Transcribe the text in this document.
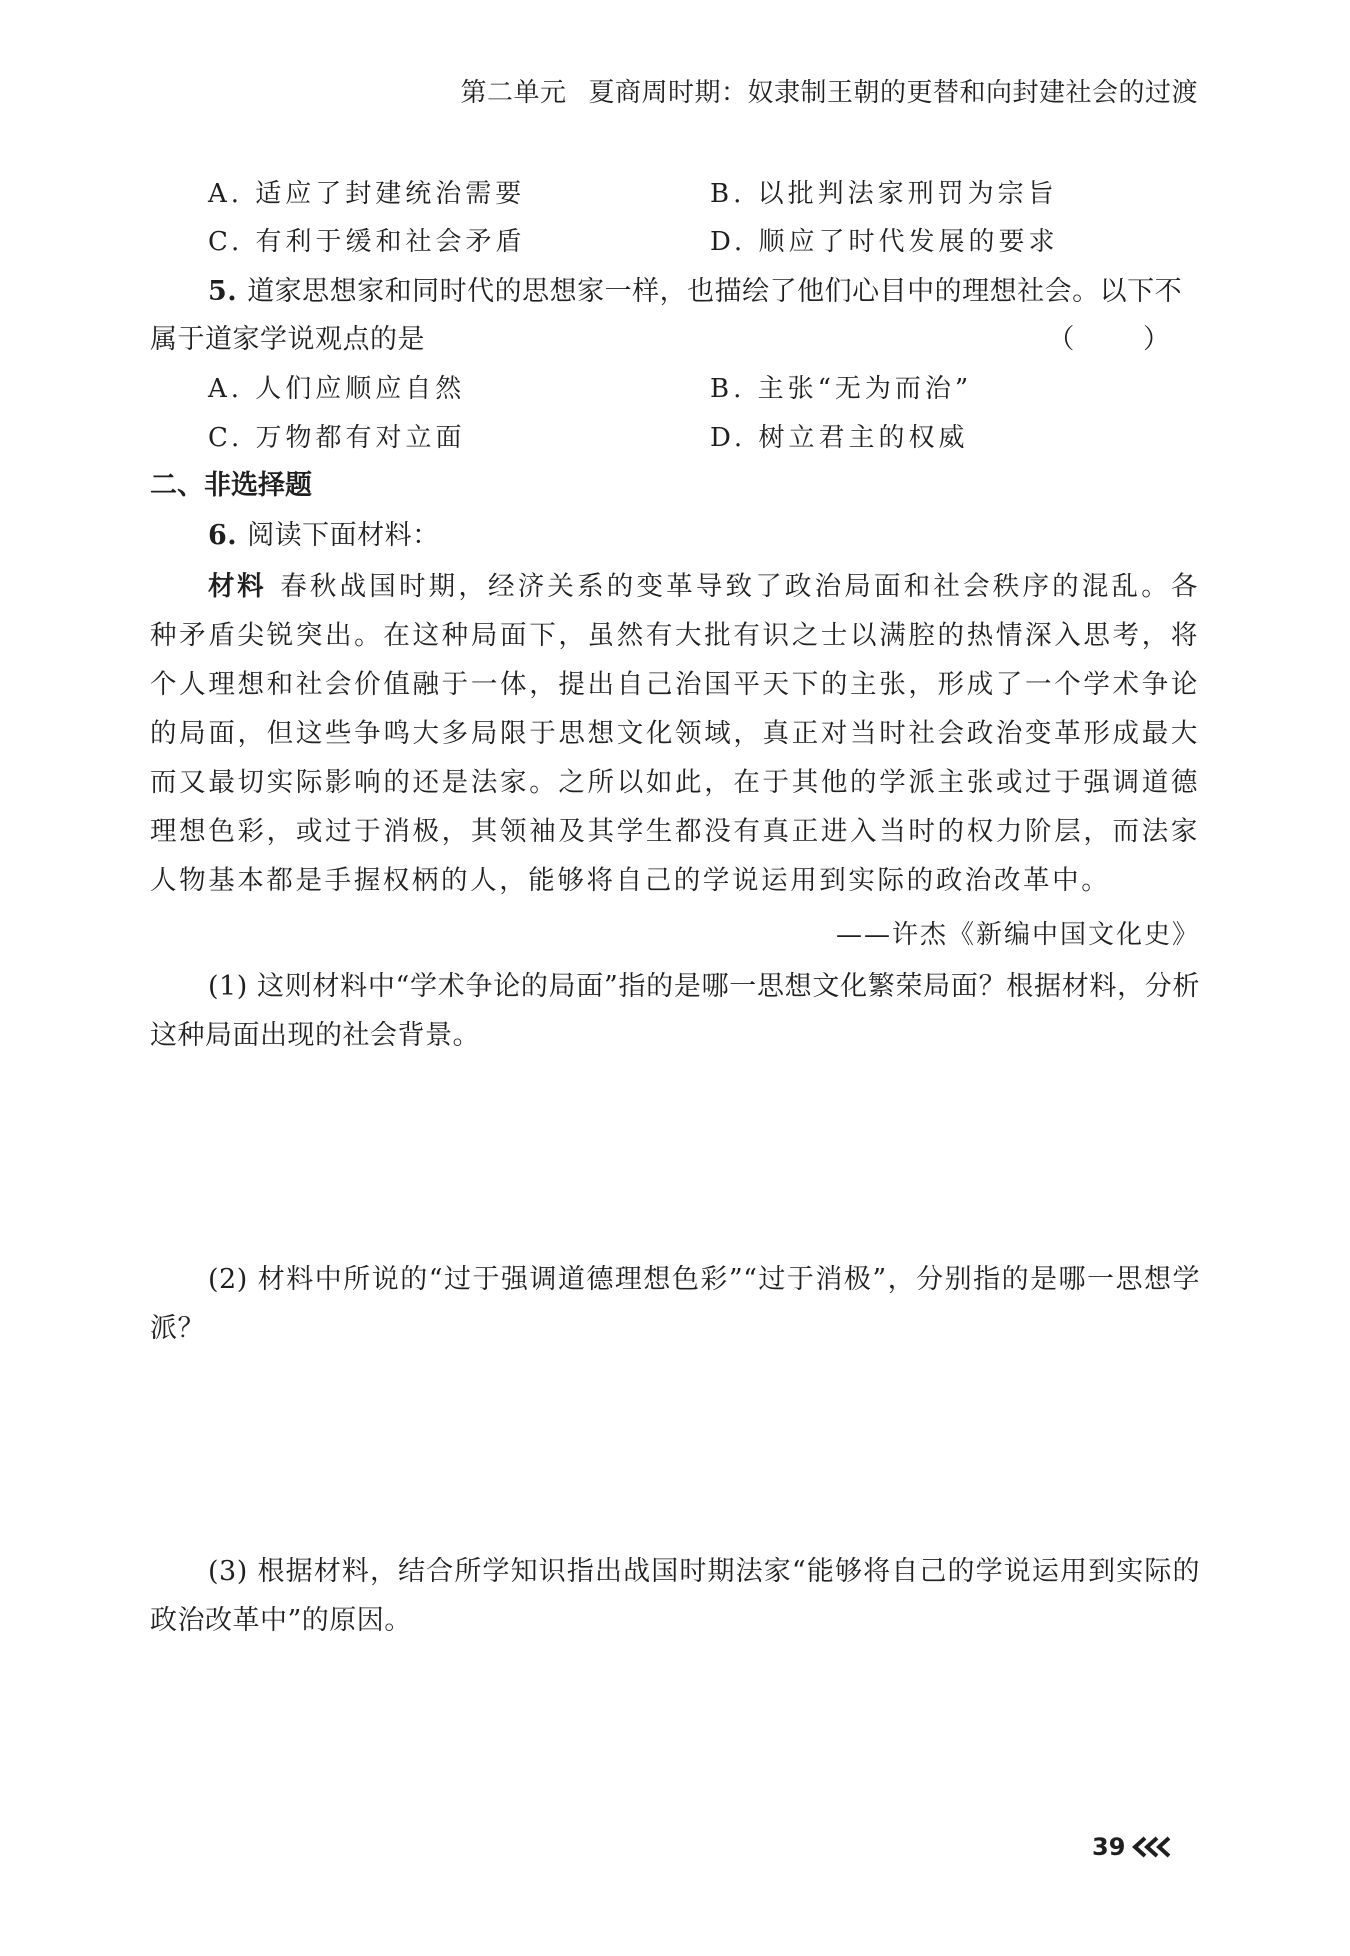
第二单元 夏商周时期：奴隶制王朝的更替和向封建社会的过渡
A. 适应了封建统治需要	B. 以批判法家刑罚为宗旨
C. 有利于缓和社会矛盾	D. 顺应了时代发展的要求
5. 道家思想家和同时代的思想家一样，也描绘了他们心目中的理想社会。以下不
属于道家学说观点的是	（ ）
A. 人们应顺应自然	B. 主张“无为而治”
C. 万物都有对立面	D. 树立君主的权威
二、非选择题
6. 阅读下面材料：
材料 春秋战国时期，经济关系的变革导致了政治局面和社会秩序的混乱。各种矛盾尖锐突出。在这种局面下，虽然有大批有识之士以满腔的热情深入思考，将个人理想和社会价值融于一体，提出自己治国平天下的主张，形成了一个学术争论的局面，但这些争鸣大多局限于思想文化领域，真正对当时社会政治变革形成最大而又最切实际影响的还是法家。之所以如此，在于其他的学派主张或过于强调道德理想色彩，或过于消极，其领袖及其学生都没有真正进入当时的权力阶层，而法家人物基本都是手握权柄的人，能够将自己的学说运用到实际的政治改革中。
——许杰《新编中国文化史》
(1) 这则材料中“学术争论的局面”指的是哪一思想文化繁荣局面？根据材料，分析这种局面出现的社会背景。
(2) 材料中所说的“过于强调道德理想色彩”“过于消极”，分别指的是哪一思想学派？
(3) 根据材料，结合所学知识指出战国时期法家“能够将自己的学说运用到实际的政治改革中”的原因。
39
